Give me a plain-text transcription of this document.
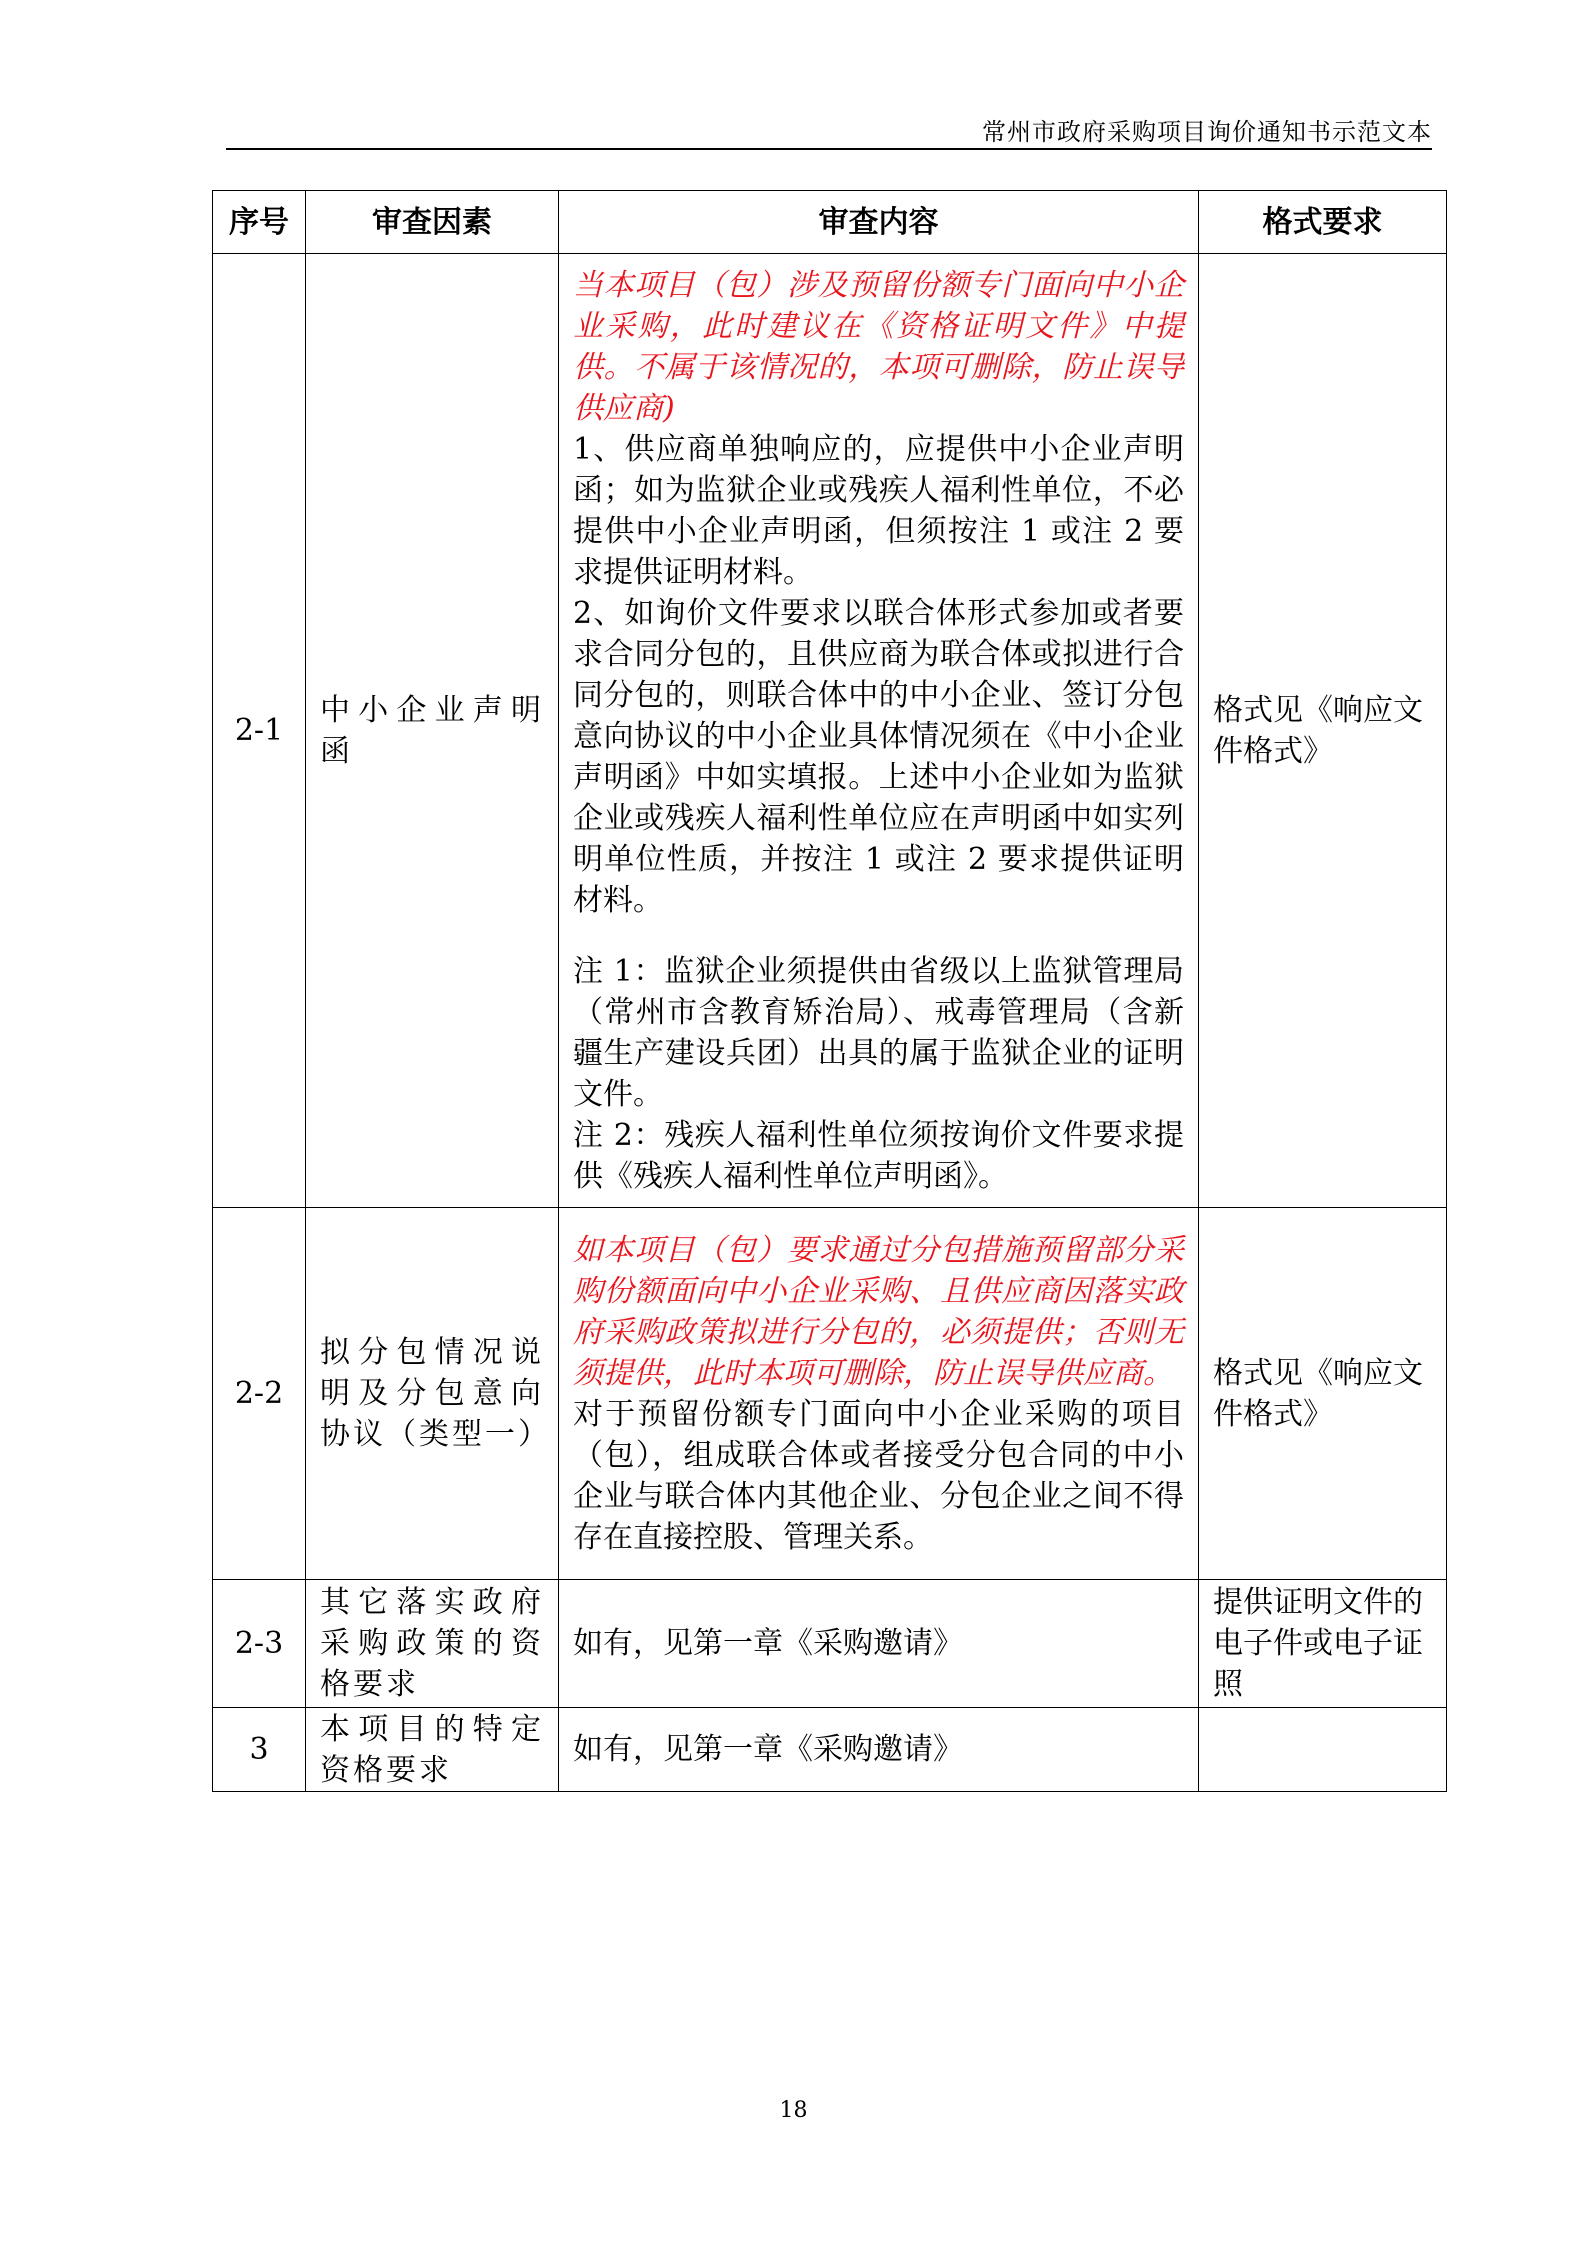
常州市政府采购项目询价通知书示范文本
序号	审查因素	审查内容	格式要求
2-1	中小企业声明函	当本项目（包）涉及预留份额专门面向中小企业采购，此时建议在《资格证明文件》中提供。不属于该情况的，本项可删除，防止误导供应商)
1、供应商单独响应的，应提供中小企业声明函；如为监狱企业或残疾人福利性单位，不必提供中小企业声明函，但须按注 1 或注 2 要求提供证明材料。
2、如询价文件要求以联合体形式参加或者要求合同分包的，且供应商为联合体或拟进行合同分包的，则联合体中的中小企业、签订分包意向协议的中小企业具体情况须在《中小企业声明函》中如实填报。上述中小企业如为监狱企业或残疾人福利性单位应在声明函中如实列明单位性质，并按注 1 或注 2 要求提供证明材料。
注 1：监狱企业须提供由省级以上监狱管理局（常州市含教育矫治局）、戒毒管理局（含新疆生产建设兵团）出具的属于监狱企业的证明文件。
注 2：残疾人福利性单位须按询价文件要求提供《残疾人福利性单位声明函》。	格式见《响应文件格式》
2-2	拟分包情况说明及分包意向协议（类型一）	如本项目（包）要求通过分包措施预留部分采购份额面向中小企业采购、且供应商因落实政府采购政策拟进行分包的，必须提供；否则无须提供，此时本项可删除，防止误导供应商。
对于预留份额专门面向中小企业采购的项目（包），组成联合体或者接受分包合同的中小企业与联合体内其他企业、分包企业之间不得存在直接控股、管理关系。	格式见《响应文件格式》
2-3	其它落实政府采购政策的资格要求	如有，见第一章《采购邀请》	提供证明文件的电子件或电子证照
3	本项目的特定资格要求	如有，见第一章《采购邀请》	
18
